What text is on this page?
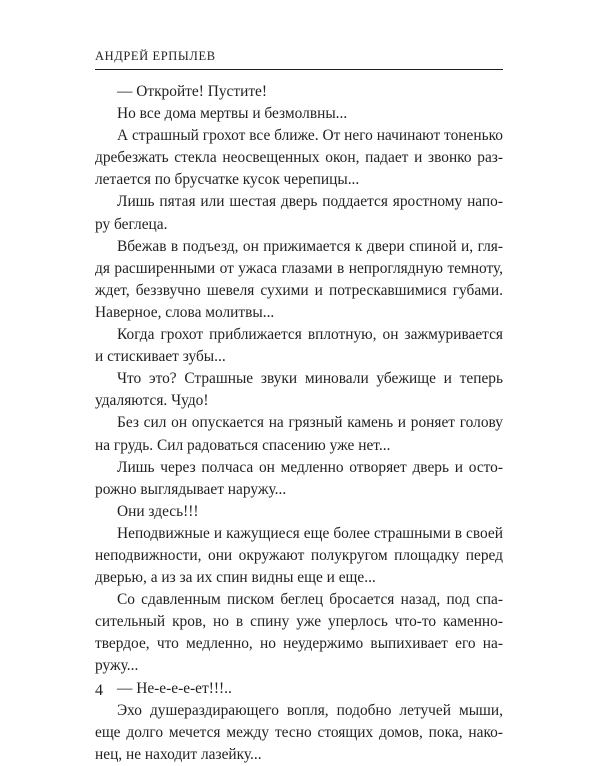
АНДРЕЙ ЕРПЫЛЕВ
— Откройте! Пустите!
Но все дома мертвы и безмолвны...
А страшный грохот все ближе. От него начинают тоненько
дребезжать стекла неосвещенных окон, падает и звонко раз-
летается по брусчатке кусок черепицы...
Лишь пятая или шестая дверь поддается яростному напо-
ру беглеца.
Вбежав в подъезд, он прижимается к двери спиной и, гля-
дя расширенными от ужаса глазами в непроглядную темноту,
ждет, беззвучно шевеля сухими и потрескавшимися губами.
Наверное, слова молитвы...
Когда грохот приближается вплотную, он зажмуривается
и стискивает зубы...
Что это? Страшные звуки миновали убежище и теперь
удаляются. Чудо!
Без сил он опускается на грязный камень и роняет голову
на грудь. Сил радоваться спасению уже нет...
Лишь через полчаса он медленно отворяет дверь и осто-
рожно выглядывает наружу...
Они здесь!!!
Неподвижные и кажущиеся еще более страшными в своей
неподвижности, они окружают полукругом площадку перед
дверью, а из за их спин видны еще и еще...
Со сдавленным писком беглец бросается назад, под спа-
сительный кров, но в спину уже уперлось что-то каменно-
твердое, что медленно, но неудержимо выпихивает его на-
ружу...
— Не-е-е-е-ет!!!..
Эхо душераздирающего вопля, подобно летучей мыши,
еще долго мечется между тесно стоящих домов, пока, нако-
нец, не находит лазейку...
4
